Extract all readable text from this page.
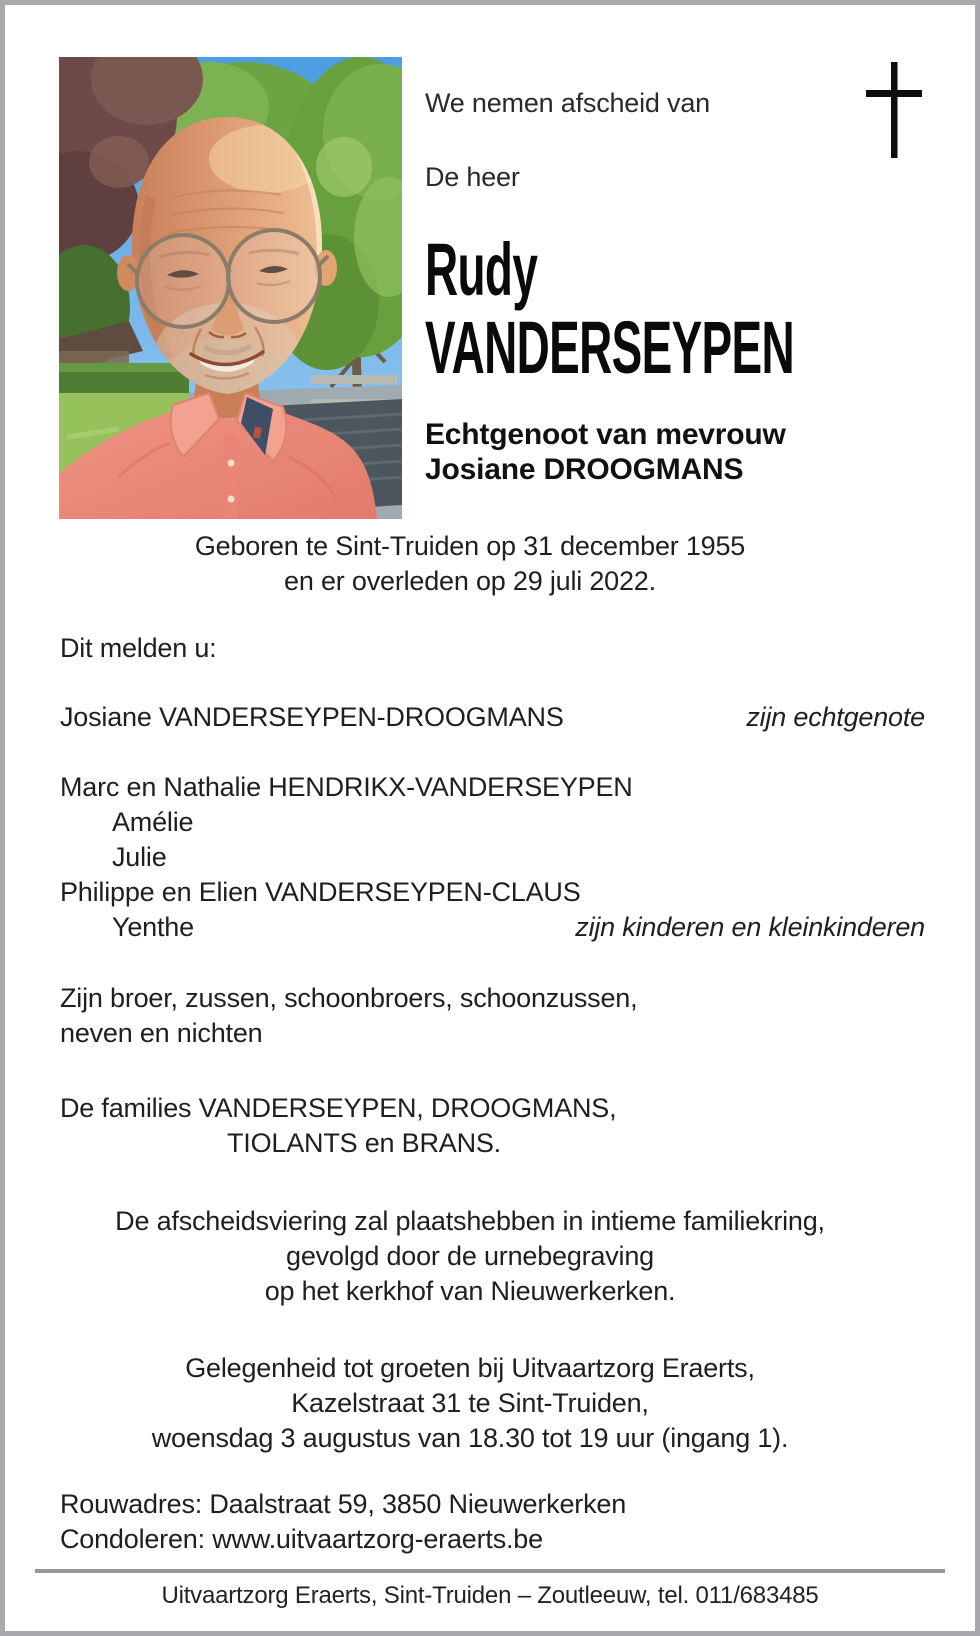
We nemen afscheid van
De heer
Rudy
VANDERSEYPEN
Echtgenoot van mevrouw
Josiane DROOGMANS
Geboren te Sint-Truiden op 31 december 1955
en er overleden op 29 juli 2022.
Dit melden u:
Josiane VANDERSEYPEN-DROOGMANS	zijn echtgenote
Marc en Nathalie HENDRIKX-VANDERSEYPEN
Amélie
Julie
Philippe en Elien VANDERSEYPEN-CLAUS
Yenthe	zijn kinderen en kleinkinderen
Zijn broer, zussen, schoonbroers, schoonzussen,
neven en nichten
De families VANDERSEYPEN, DROOGMANS,
TIOLANTS en BRANS.
De afscheidsviering zal plaatshebben in intieme familiekring,
gevolgd door de urnebegraving
op het kerkhof van Nieuwerkerken.
Gelegenheid tot groeten bij Uitvaartzorg Eraerts,
Kazelstraat 31 te Sint-Truiden,
woensdag 3 augustus van 18.30 tot 19 uur (ingang 1).
Rouwadres: Daalstraat 59, 3850 Nieuwerkerken
Condoleren: www.uitvaartzorg-eraerts.be
Uitvaartzorg Eraerts, Sint-Truiden – Zoutleeuw, tel. 011/683485
